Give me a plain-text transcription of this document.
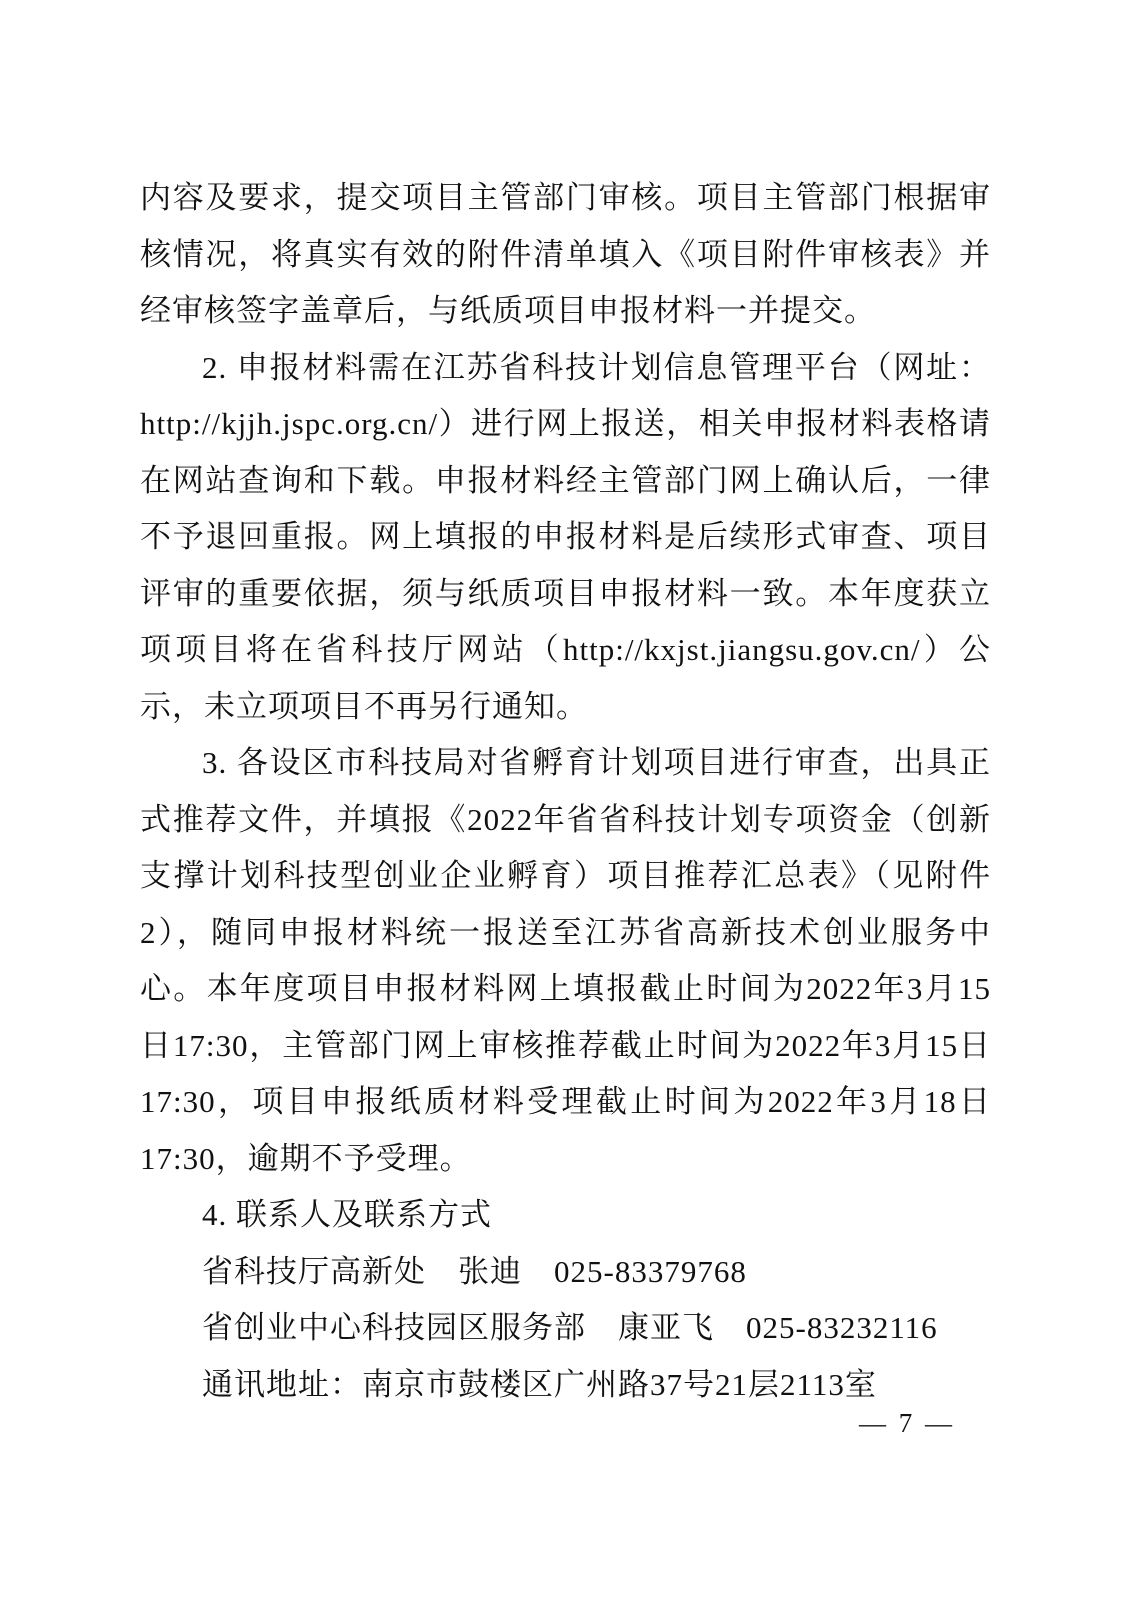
内容及要求，提交项目主管部门审核。项目主管部门根据审核情况，将真实有效的附件清单填入《项目附件审核表》并经审核签字盖章后，与纸质项目申报材料一并提交。

2. 申报材料需在江苏省科技计划信息管理平台（网址：http://kjjh.jspc.org.cn/）进行网上报送，相关申报材料表格请在网站查询和下载。申报材料经主管部门网上确认后，一律不予退回重报。网上填报的申报材料是后续形式审查、项目评审的重要依据，须与纸质项目申报材料一致。本年度获立项项目将在省科技厅网站（http://kxjst.jiangsu.gov.cn/）公示，未立项项目不再另行通知。

3. 各设区市科技局对省孵育计划项目进行审查，出具正式推荐文件，并填报《2022年省省科技计划专项资金（创新支撑计划科技型创业企业孵育）项目推荐汇总表》（见附件2），随同申报材料统一报送至江苏省高新技术创业服务中心。本年度项目申报材料网上填报截止时间为2022年3月15日17:30，主管部门网上审核推荐截止时间为2022年3月15日17:30，项目申报纸质材料受理截止时间为2022年3月18日17:30，逾期不予受理。

4. 联系人及联系方式

省科技厅高新处　张迪　025-83379768

省创业中心科技园区服务部　康亚飞　025-83232116

通讯地址：南京市鼓楼区广州路37号21层2113室

— 7 —
